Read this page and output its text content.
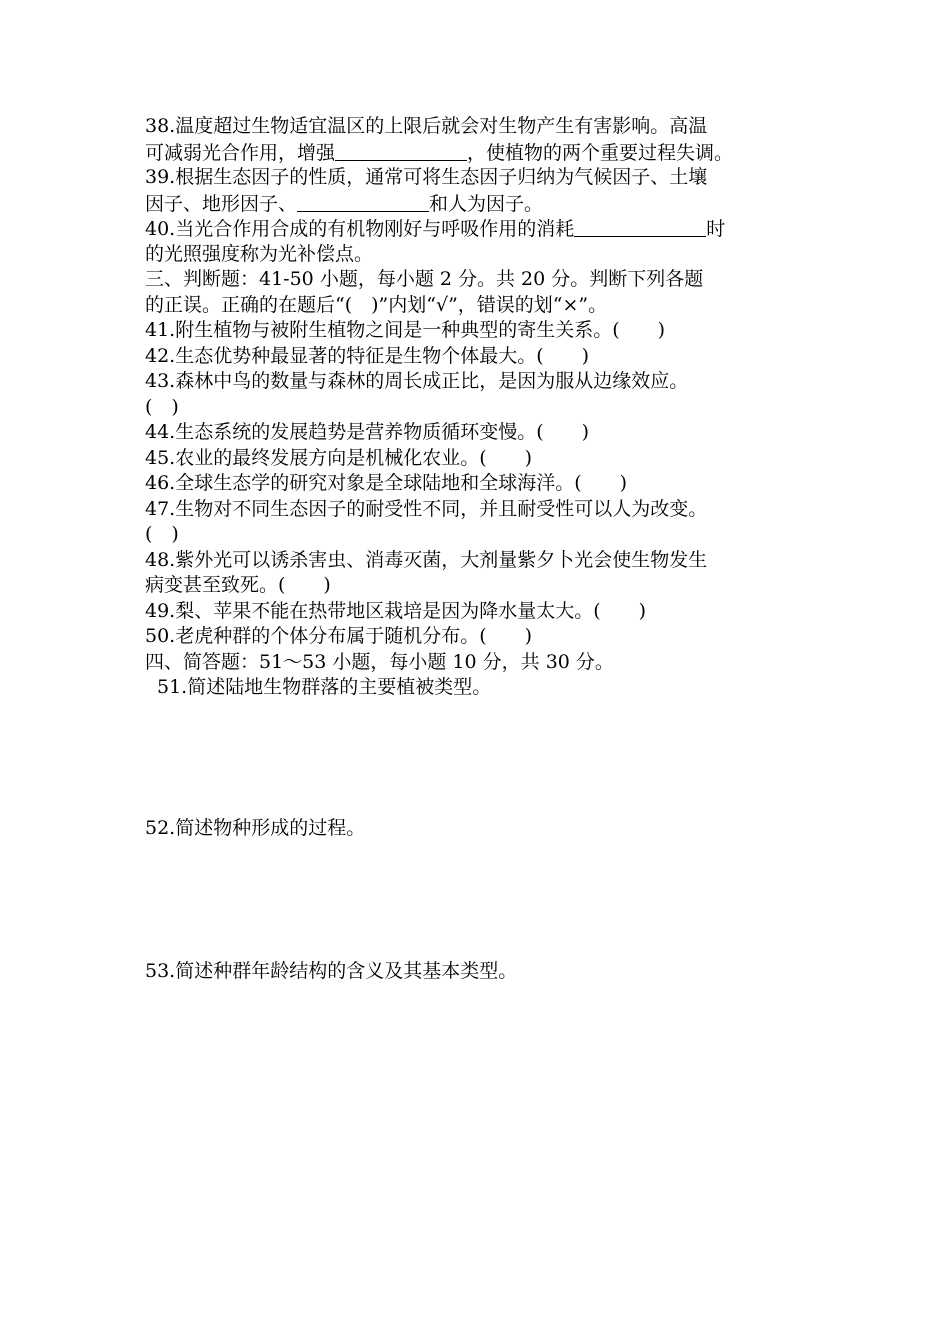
38.温度超过生物适宜温区的上限后就会对生物产生有害影响。高温
可减弱光合作用，增强	，使植物的两个重要过程失调。
39.根据生态因子的性质，通常可将生态因子归纳为气候因子、土壤
因子、地形因子、	和人为因子。
40.当光合作用合成的有机物刚好与呼吸作用的消耗	时
的光照强度称为光补偿点。
三、判断题：41-50 小题，每小题 2 分。共 20 分。判断下列各题
的正误。正确的在题后“(　)”内划“√”，错误的划“×”。
41.附生植物与被附生植物之间是一种典型的寄生关系。(　　)
42.生态优势种最显著的特征是生物个体最大。(　　)
43.森林中鸟的数量与森林的周长成正比，是因为服从边缘效应。
(　)
44.生态系统的发展趋势是营养物质循环变慢。(　　)
45.农业的最终发展方向是机械化农业。(　　)
46.全球生态学的研究对象是全球陆地和全球海洋。(　　)
47.生物对不同生态因子的耐受性不同，并且耐受性可以人为改变。
(　)
48.紫外光可以诱杀害虫、消毒灭菌，大剂量紫夕卜光会使生物发生
病变甚至致死。(　　)
49.梨、苹果不能在热带地区栽培是因为降水量太大。(　　)
50.老虎种群的个体分布属于随机分布。(　　)
四、简答题：51～53 小题，每小题 10 分，共 30 分。
51.简述陆地生物群落的主要植被类型。
52.简述物种形成的过程。
53.简述种群年龄结构的含义及其基本类型。
